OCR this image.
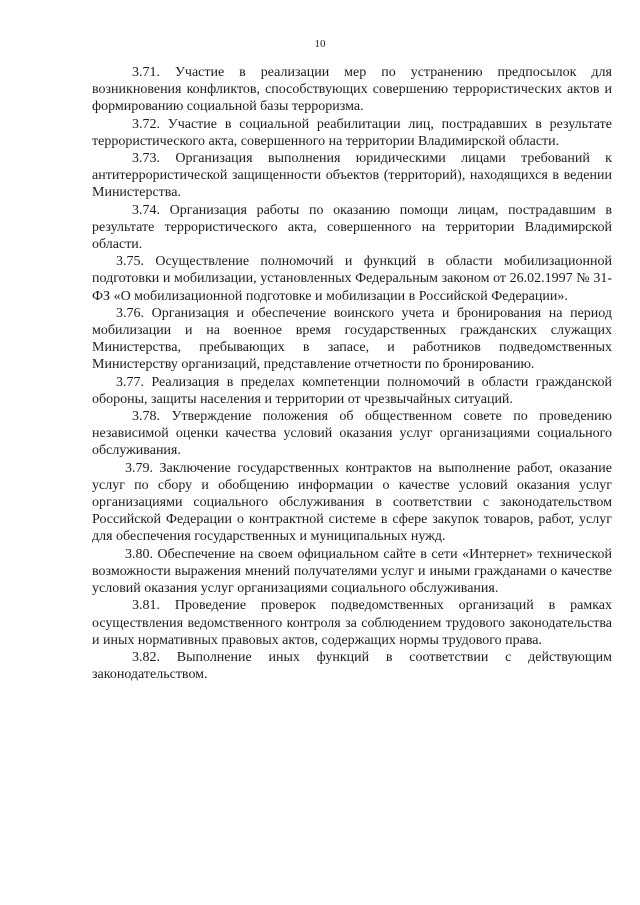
10

3.71. Участие в реализации мер по устранению предпосылок для возникновения конфликтов, способствующих совершению террористических актов и формированию социальной базы терроризма.

3.72. Участие в социальной реабилитации лиц, пострадавших в результате террористического акта, совершенного на территории Владимирской области.

3.73. Организация выполнения юридическими лицами требований к антитеррористической защищенности объектов (территорий), находящихся в ведении Министерства.

3.74. Организация работы по оказанию помощи лицам, пострадавшим в результате террористического акта, совершенного на территории Владимирской области.

3.75. Осуществление полномочий и функций в области мобилизационной подготовки и мобилизации, установленных Федеральным законом от 26.02.1997 № 31-ФЗ «О мобилизационной подготовке и мобилизации в Российской Федерации».

3.76. Организация и обеспечение воинского учета и бронирования на период мобилизации и на военное время государственных гражданских служащих Министерства, пребывающих в запасе, и работников подведомственных Министерству организаций, представление отчетности по бронированию.

3.77. Реализация в пределах компетенции полномочий в области гражданской обороны, защиты населения и территории от чрезвычайных ситуаций.

3.78. Утверждение положения об общественном совете по проведению независимой оценки качества условий оказания услуг организациями социального обслуживания.

3.79. Заключение государственных контрактов на выполнение работ, оказание услуг по сбору и обобщению информации о качестве условий оказания услуг организациями социального обслуживания в соответствии с законодательством Российской Федерации о контрактной системе в сфере закупок товаров, работ, услуг для обеспечения государственных и муниципальных нужд.

3.80. Обеспечение на своем официальном сайте в сети «Интернет» технической возможности выражения мнений получателями услуг и иными гражданами о качестве условий оказания услуг организациями социального обслуживания.

3.81. Проведение проверок подведомственных организаций в рамках осуществления ведомственного контроля за соблюдением трудового законодательства и иных нормативных правовых актов, содержащих нормы трудового права.

3.82. Выполнение иных функций в соответствии с действующим законодательством.
